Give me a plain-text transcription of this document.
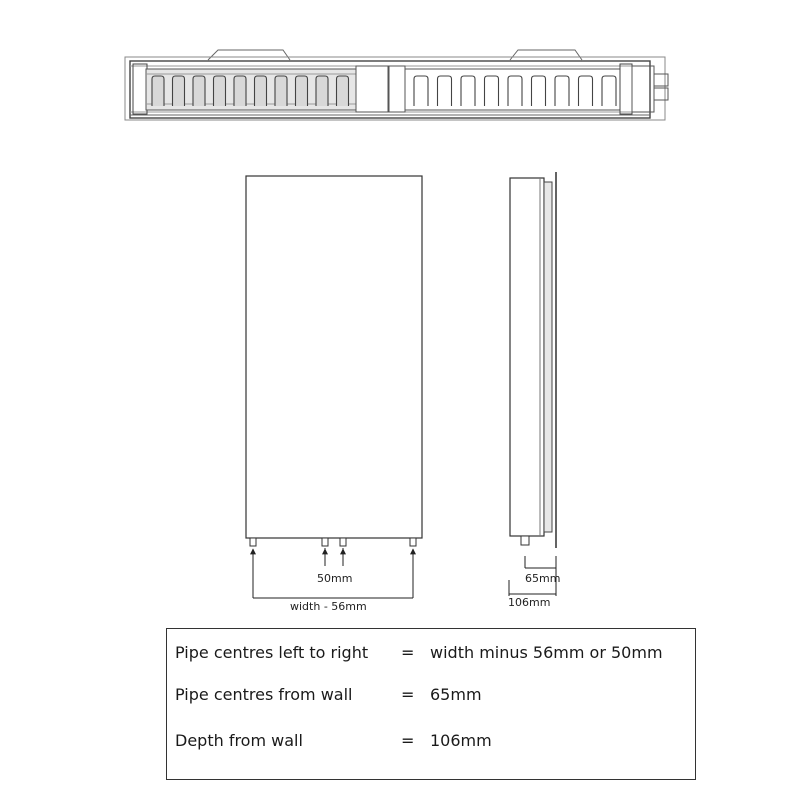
50mm
width - 56mm
65mm
106mm
Pipe centres left to right = width minus 56mm or 50mm
Pipe centres from wall	= 65mm
Depth from wall	= 106mm
